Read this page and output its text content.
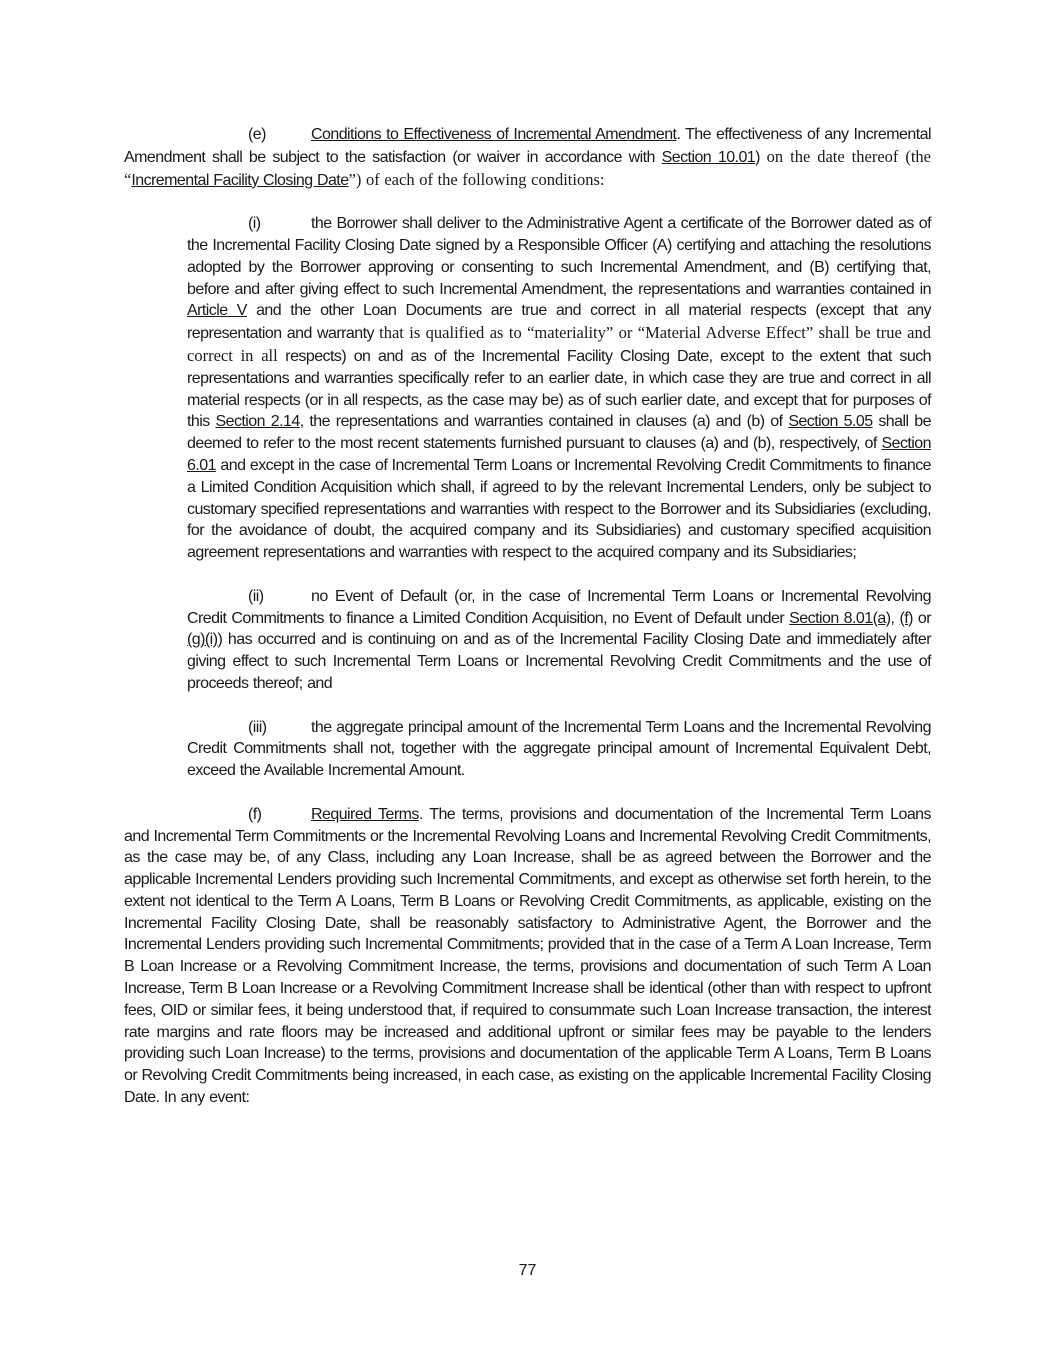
(e)	Conditions to Effectiveness of Incremental Amendment. The effectiveness of any Incremental Amendment shall be subject to the satisfaction (or waiver in accordance with Section 10.01) on the date thereof (the “Incremental Facility Closing Date”) of each of the following conditions:

(i)	the Borrower shall deliver to the Administrative Agent a certificate of the Borrower dated as of the Incremental Facility Closing Date signed by a Responsible Officer (A) certifying and attaching the resolutions adopted by the Borrower approving or consenting to such Incremental Amendment, and (B) certifying that, before and after giving effect to such Incremental Amendment, the representations and warranties contained in Article V and the other Loan Documents are true and correct in all material respects (except that any representation and warranty that is qualified as to “materiality” or “Material Adverse Effect” shall be true and correct in all respects) on and as of the Incremental Facility Closing Date, except to the extent that such representations and warranties specifically refer to an earlier date, in which case they are true and correct in all material respects (or in all respects, as the case may be) as of such earlier date, and except that for purposes of this Section 2.14, the representations and warranties contained in clauses (a) and (b) of Section 5.05 shall be deemed to refer to the most recent statements furnished pursuant to clauses (a) and (b), respectively, of Section 6.01 and except in the case of Incremental Term Loans or Incremental Revolving Credit Commitments to finance a Limited Condition Acquisition which shall, if agreed to by the relevant Incremental Lenders, only be subject to customary specified representations and warranties with respect to the Borrower and its Subsidiaries (excluding, for the avoidance of doubt, the acquired company and its Subsidiaries) and customary specified acquisition agreement representations and warranties with respect to the acquired company and its Subsidiaries;

(ii)	no Event of Default (or, in the case of Incremental Term Loans or Incremental Revolving Credit Commitments to finance a Limited Condition Acquisition, no Event of Default under Section 8.01(a), (f) or (g)(i)) has occurred and is continuing on and as of the Incremental Facility Closing Date and immediately after giving effect to such Incremental Term Loans or Incremental Revolving Credit Commitments and the use of proceeds thereof; and

(iii)	the aggregate principal amount of the Incremental Term Loans and the Incremental Revolving Credit Commitments shall not, together with the aggregate principal amount of Incremental Equivalent Debt, exceed the Available Incremental Amount.

(f)	Required Terms. The terms, provisions and documentation of the Incremental Term Loans and Incremental Term Commitments or the Incremental Revolving Loans and Incremental Revolving Credit Commitments, as the case may be, of any Class, including any Loan Increase, shall be as agreed between the Borrower and the applicable Incremental Lenders providing such Incremental Commitments, and except as otherwise set forth herein, to the extent not identical to the Term A Loans, Term B Loans or Revolving Credit Commitments, as applicable, existing on the Incremental Facility Closing Date, shall be reasonably satisfactory to Administrative Agent, the Borrower and the Incremental Lenders providing such Incremental Commitments; provided that in the case of a Term A Loan Increase, Term B Loan Increase or a Revolving Commitment Increase, the terms, provisions and documentation of such Term A Loan Increase, Term B Loan Increase or a Revolving Commitment Increase shall be identical (other than with respect to upfront fees, OID or similar fees, it being understood that, if required to consummate such Loan Increase transaction, the interest rate margins and rate floors may be increased and additional upfront or similar fees may be payable to the lenders providing such Loan Increase) to the terms, provisions and documentation of the applicable Term A Loans, Term B Loans or Revolving Credit Commitments being increased, in each case, as existing on the applicable Incremental Facility Closing Date. In any event:

77
